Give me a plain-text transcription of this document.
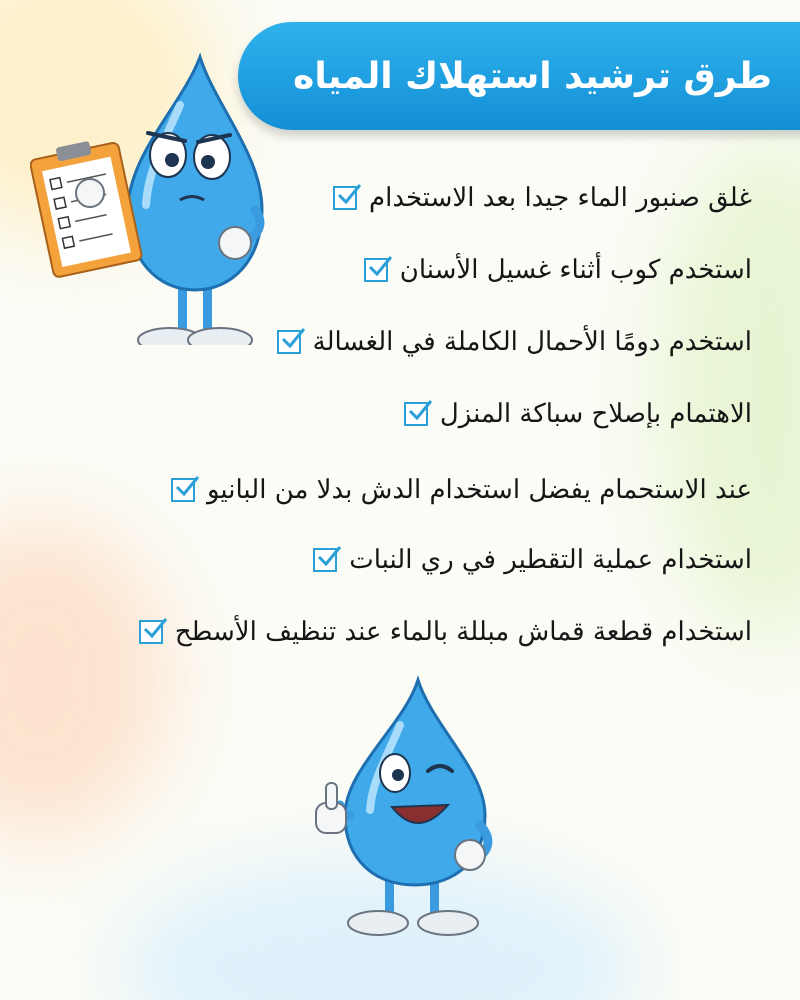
طرق ترشيد استهلاك المياه
غلق صنبور الماء جيدا بعد الاستخدام
استخدم كوب أثناء غسيل الأسنان
استخدم دومًا الأحمال الكاملة في الغسالة
الاهتمام بإصلاح سباكة المنزل
عند الاستحمام يفضل استخدام الدش بدلا من البانيو
استخدام عملية التقطير في ري النبات
استخدام قطعة قماش مبللة بالماء عند تنظيف الأسطح
